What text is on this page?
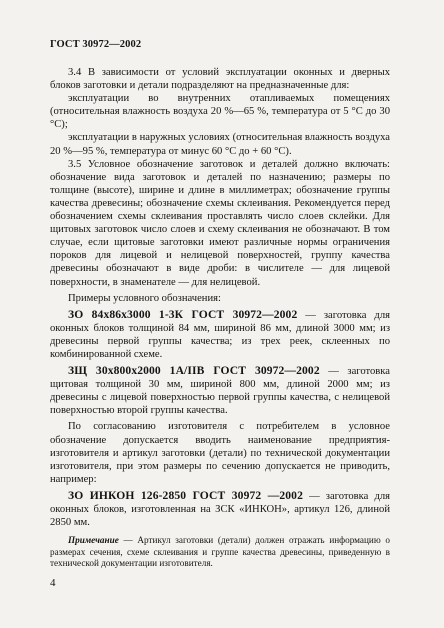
ГОСТ 30972—2002

3.4 В зависимости от условий эксплуатации оконных и дверных блоков заготовки и детали подразделяют на предназначенные для:

эксплуатации во внутренних отапливаемых помещениях (относительная влажность воздуха 20 %—65 %, температура от 5 °С до 30 °С);

эксплуатации в наружных условиях (относительная влажность воздуха 20 %—95 %, температура от минус 60 °С до + 60 °С).

3.5 Условное обозначение заготовок и деталей должно включать: обозначение вида заготовок и деталей по назначению; размеры по толщине (высоте), ширине и длине в миллиметрах; обозначение группы качества древесины; обозначение схемы склеивания. Рекомендуется перед обозначением схемы склеивания проставлять число слоев склейки. Для щитовых заготовок число слоев и схему склеивания не обозначают. В том случае, если щитовые заготовки имеют различные нормы ограничения пороков для лицевой и нелицевой поверхностей, группу качества древесины обозначают в виде дроби: в числителе — для лицевой поверхности, в знаменателе — для нелицевой.

Примеры условного обозначения:

ЗО 84х86х3000 1-3К ГОСТ 30972—2002 — заготовка для оконных блоков толщиной 84 мм, шириной 86 мм, длиной 3000 мм; из древесины первой группы качества; из трех реек, склеенных по комбинированной схеме.

ЗЩ 30х800х2000 1А/IIВ ГОСТ 30972—2002 — заготовка щитовая толщиной 30 мм, шириной 800 мм, длиной 2000 мм; из древесины с лицевой поверхностью первой группы качества, с нелицевой поверхностью второй группы качества.

По согласованию изготовителя с потребителем в условное обозначение допускается вводить наименование предприятия-изготовителя и артикул заготовки (детали) по технической документации изготовителя, при этом размеры по сечению допускается не приводить, например:

ЗО ИНКОН 126-2850 ГОСТ 30972 —2002 — заготовка для оконных блоков, изготовленная на ЗСК «ИНКОН», артикул 126, длиной 2850 мм.

Примечание — Артикул заготовки (детали) должен отражать информацию о размерах сечения, схеме склеивания и группе качества древесины, приведенную в технической документации изготовителя.
4
